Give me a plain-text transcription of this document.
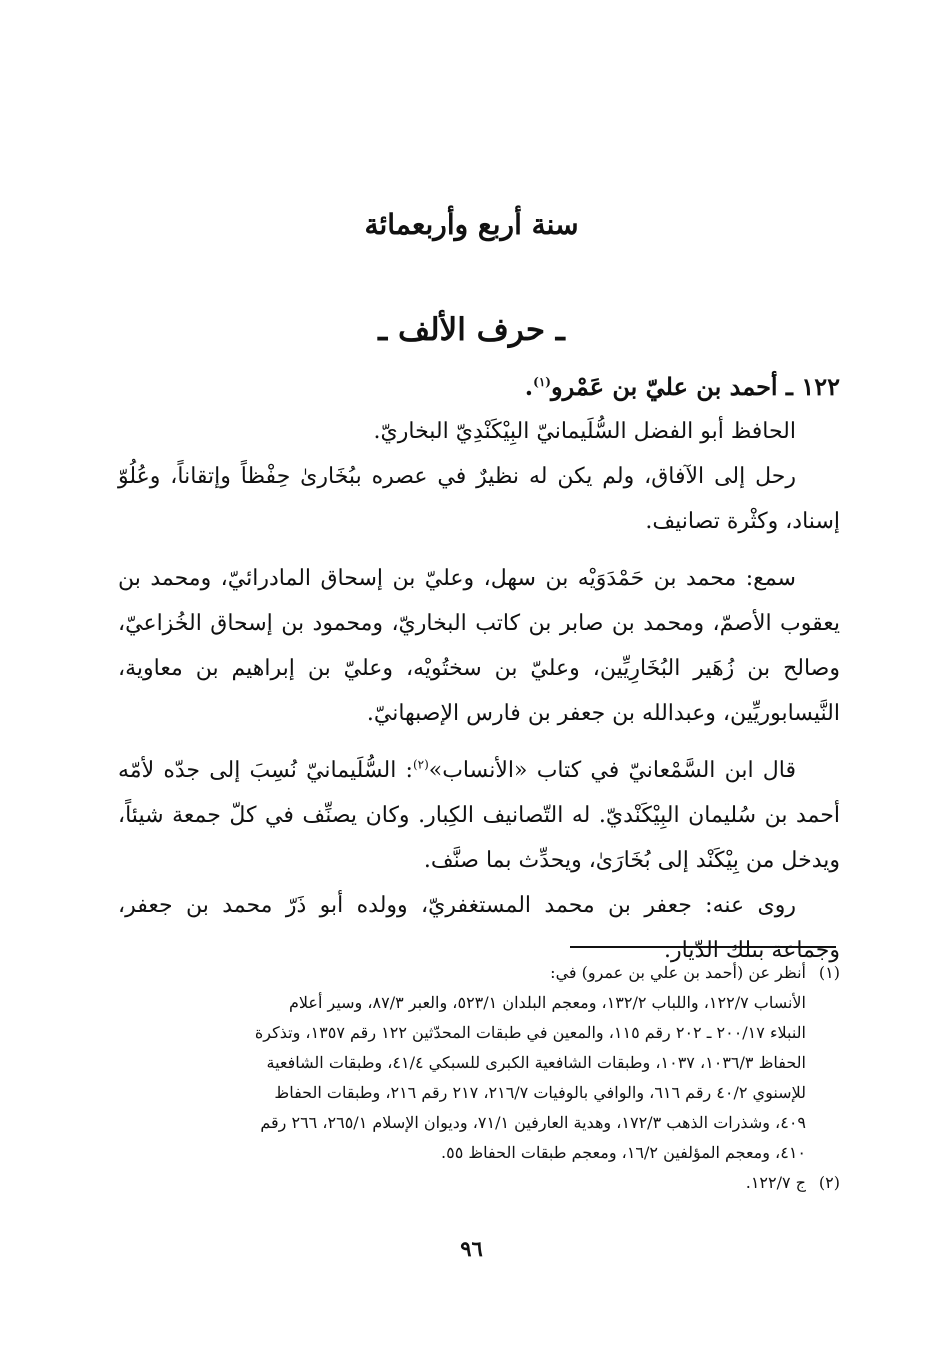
سنة أربع وأربعمائة
ـ حرف الألف ـ

١٢٢ ـ أحمد بن عليّ بن عَمْرو$^{(١)}$.

الحافظ أبو الفضل السُّلَيمانيّ البِيْكَنْدِيّ البخاريّ.

رحل إلى الآفاق، ولم يكن له نظيرٌ في عصره ببُخَارىٰ حِفْظاً وإتقاناً، وعُلُوّ إسناد، وكثْرة تصانيف.

سمع: محمد بن حَمْدَوَيْه بن سهل، وعليّ بن إسحاق المادرائيّ، ومحمد بن يعقوب الأصمّ، ومحمد بن صابر بن كاتب البخاريّ، ومحمود بن إسحاق الخُزاعيّ، وصالح بن زُهَير البُخَارِيِّين، وعليّ بن سختُويْه، وعليّ بن إبراهيم بن معاوية، النَّيسابوريِّين، وعبدالله بن جعفر بن فارس الإصبهانيّ.

قال ابن السَّمْعانيّ في كتاب «الأنساب»$^{(٢)}$: السُّلَيمانيّ نُسِبَ إلى جدّه لأمّه أحمد بن سُليمان البِيْكَنْديّ. له التّصانيف الكِبار. وكان يصنِّف في كلّ جمعة شيئاً، ويدخل من بِيْكَنْد إلى بُخَارَىٰ، ويحدِّث بما صنَّف.

روى عنه: جعفر بن محمد المستغفريّ، وولده أبو ذَرّ محمد بن جعفر، وجماعة بتلك الدّيار.

(١)
أنظر عن (أحمد بن علي بن عمرو) في:
الأنساب ١٢٢/٧، واللباب ١٣٢/٢، ومعجم البلدان ٥٢٣/١، والعبر ٨٧/٣، وسير أعلام
النبلاء ٢٠٠/١٧ ـ ٢٠٢ رقم ١١٥، والمعين في طبقات المحدّثين ١٢٢ رقم ١٣٥٧، وتذكرة
الحفاظ ١٠٣٦/٣، ١٠٣٧، وطبقات الشافعية الكبرى للسبكي ٤١/٤، وطبقات الشافعية
للإسنوي ٤٠/٢ رقم ٦١٦، والوافي بالوفيات ٢١٦/٧، ٢١٧ رقم ٢١٦، وطبقات الحفاظ
٤٠٩، وشذرات الذهب ١٧٢/٣، وهدية العارفين ٧١/١، وديوان الإسلام ٢٦٥/١، ٢٦٦ رقم
٤١٠، ومعجم المؤلفين ١٦/٢، ومعجم طبقات الحفاظ ٥٥.
(٢)
ج ١٢٢/٧.
٩٦
